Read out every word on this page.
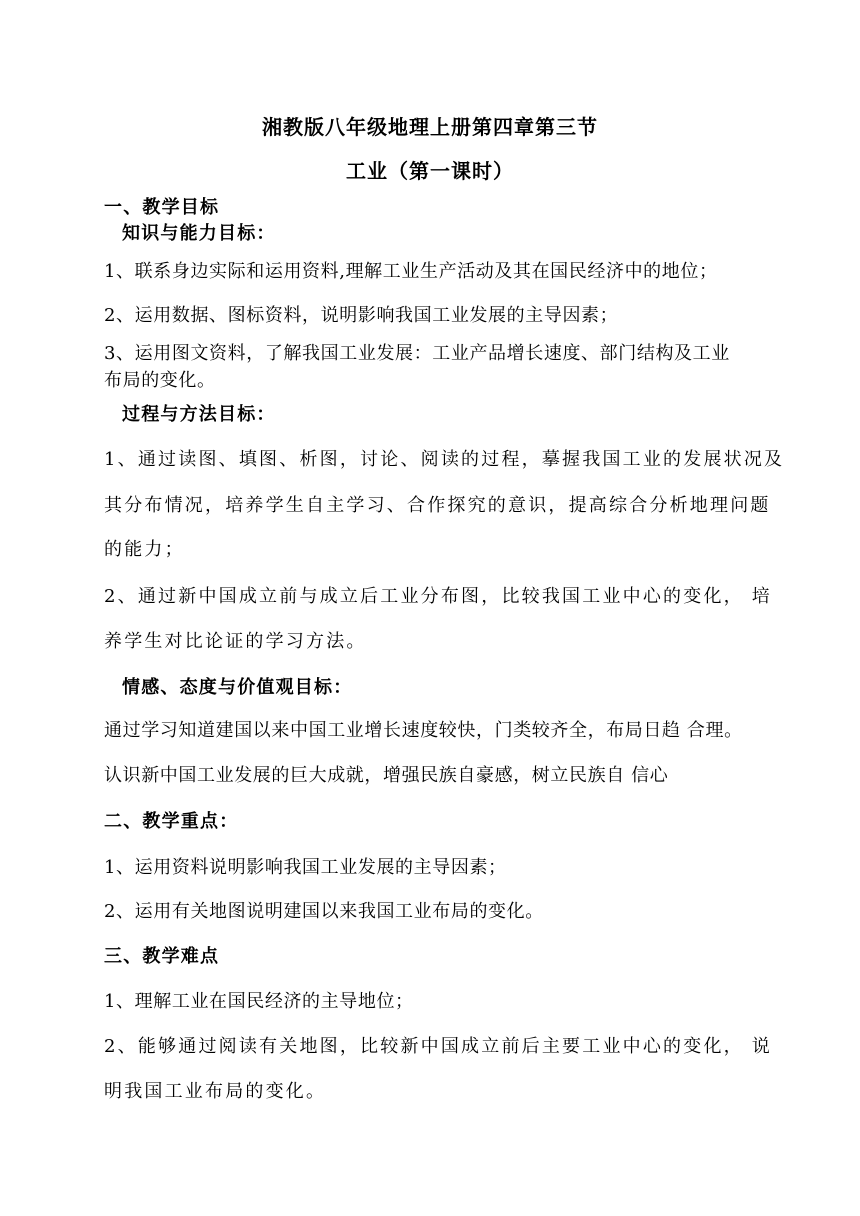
湘教版八年级地理上册第四章第三节
工业（第一课时）
一、教学目标
知识与能力目标：
1、联系身边实际和运用资料,理解工业生产活动及其在国民经济中的地位；
2、运用数据、图标资料，说明影响我国工业发展的主导因素；
3、运用图文资料，了解我国工业发展：工业产品增长速度、部门结构及工业
布局的变化。
过程与方法目标：
1、通过读图、填图、析图，讨论、阅读的过程，摹握我国工业的发展状况及
其分布情况，培养学生自主学习、合作探究的意识，提高综合分析地理问题
的能力；
2、通过新中国成立前与成立后工业分布图，比较我国工业中心的变化， 培
养学生对比论证的学习方法。
情感、态度与价值观目标：
通过学习知道建国以来中国工业增长速度较快，门类较齐全，布局日趋 合理。
认识新中国工业发展的巨大成就，增强民族自豪感，树立民族自 信心
二、教学重点：
1、运用资料说明影响我国工业发展的主导因素；
2、运用有关地图说明建国以来我国工业布局的变化。
三、教学难点
1、理解工业在国民经济的主导地位；
2、能够通过阅读有关地图，比较新中国成立前后主要工业中心的变化， 说
明我国工业布局的变化。
